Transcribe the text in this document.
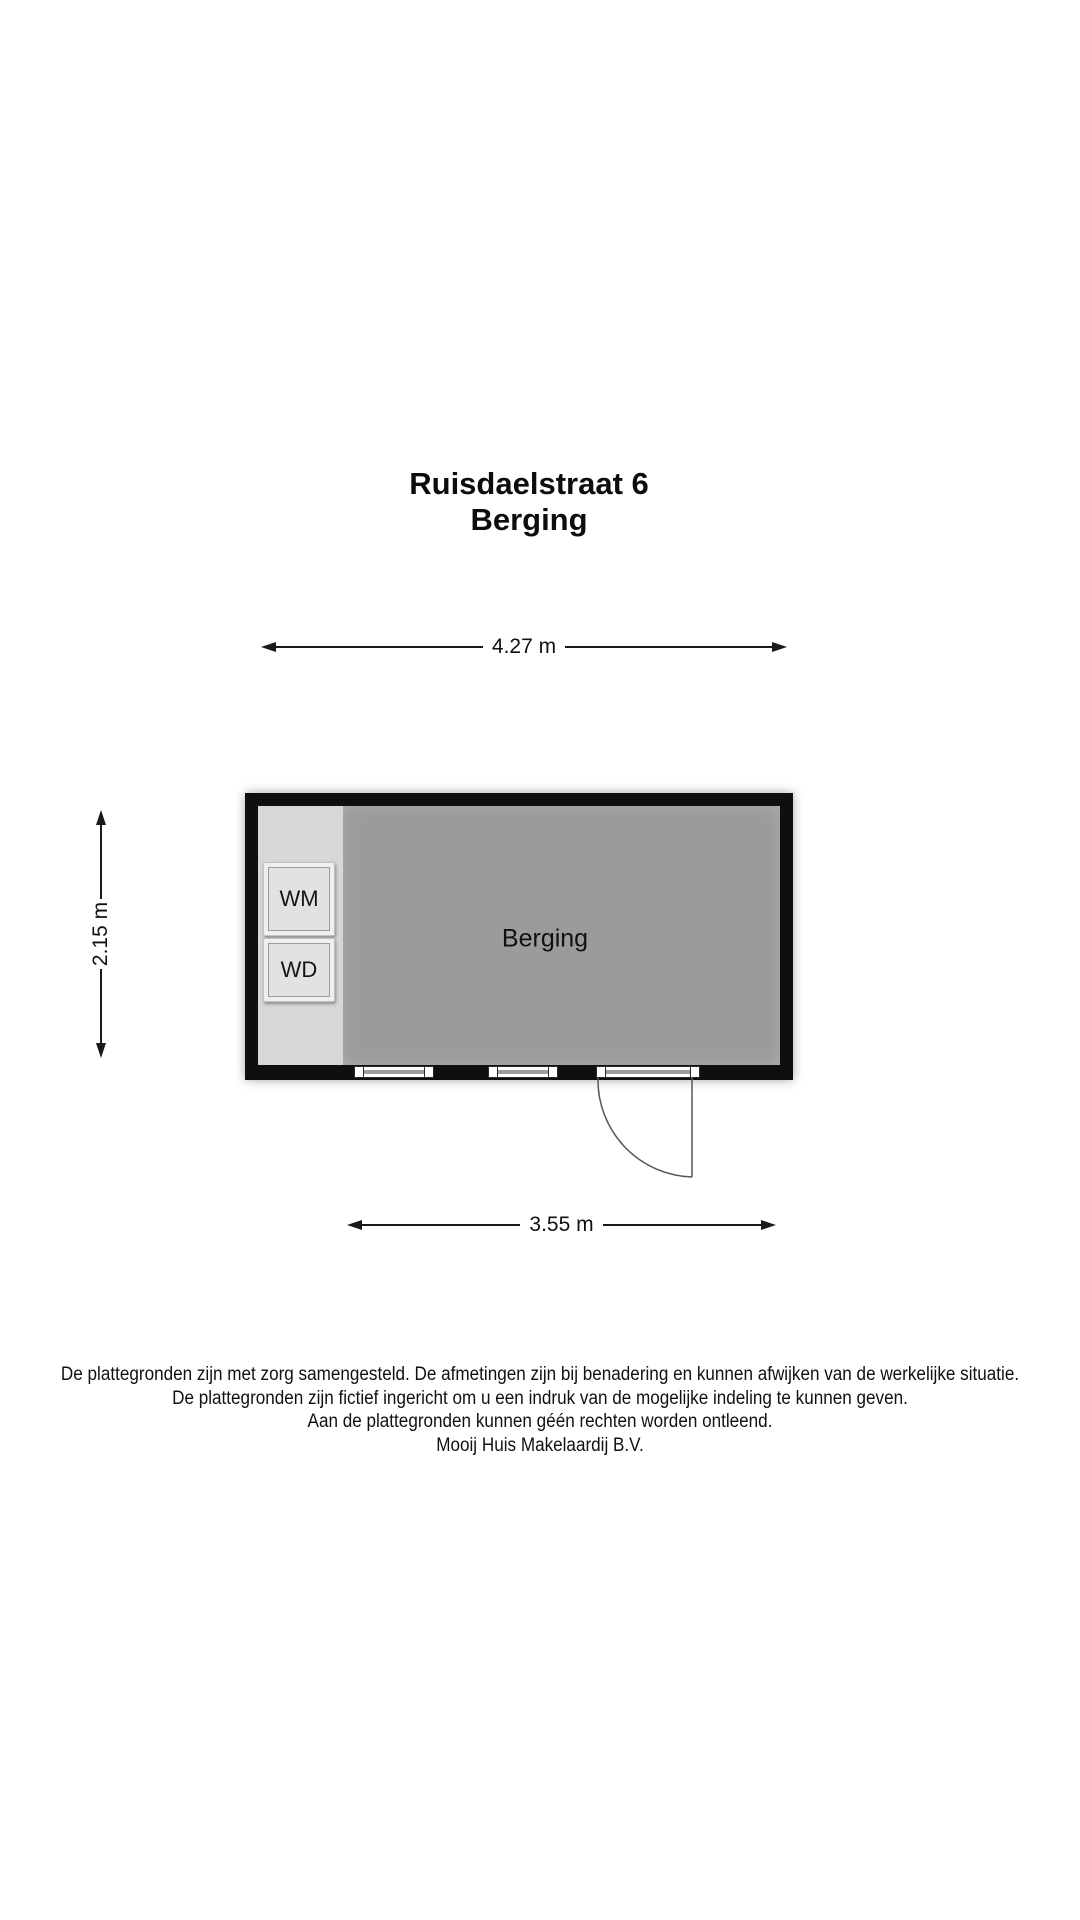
Ruisdaelstraat 6
Berging
4.27 m
2.15 m
WM
WD
Berging
3.55 m
De plattegronden zijn met zorg samengesteld. De afmetingen zijn bij benadering en kunnen afwijken van de werkelijke situatie.
De plattegronden zijn fictief ingericht om u een indruk van de mogelijke indeling te kunnen geven.
Aan de plattegronden kunnen géén rechten worden ontleend.
Mooij Huis Makelaardij B.V.
